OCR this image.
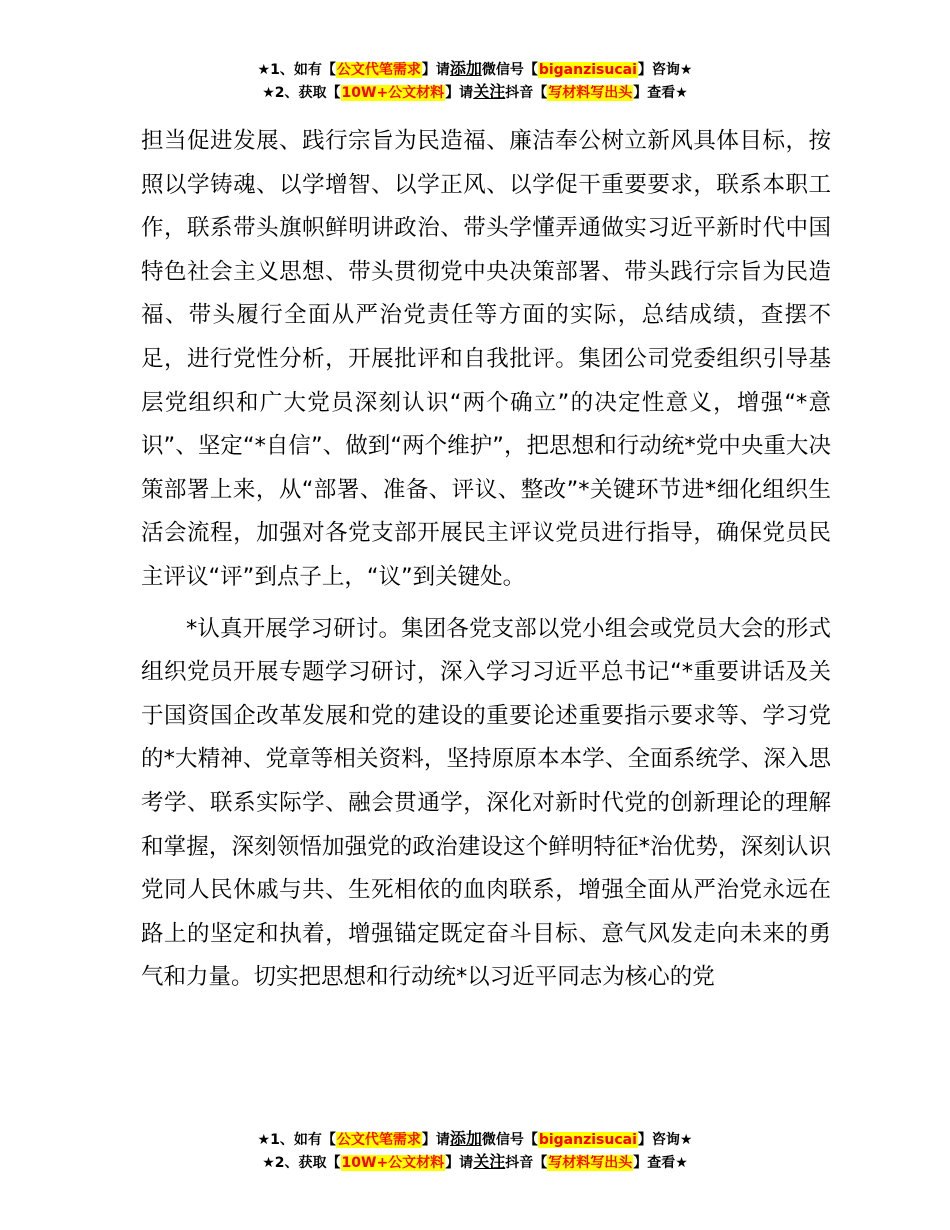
★1、如有【公文代笔需求】请添加微信号【biganzisucai】咨询★
★2、获取【10W+公文材料】请关注抖音【写材料写出头】查看★

担当促进发展、践行宗旨为民造福、廉洁奉公树立新风具体目标，按照以学铸魂、以学增智、以学正风、以学促干重要要求，联系本职工作，联系带头旗帜鲜明讲政治、带头学懂弄通做实习近平新时代中国特色社会主义思想、带头贯彻党中央决策部署、带头践行宗旨为民造福、带头履行全面从严治党责任等方面的实际，总结成绩，查摆不足，进行党性分析，开展批评和自我批评。集团公司党委组织引导基层党组织和广大党员深刻认识“两个确立”的决定性意义，增强“*意识”、坚定“*自信”、做到“两个维护”，把思想和行动统*党中央重大决策部署上来，从“部署、准备、评议、整改”*关键环节进*细化组织生活会流程，加强对各党支部开展民主评议党员进行指导，确保党员民主评议“评”到点子上，“议”到关键处。

*认真开展学习研讨。集团各党支部以党小组会或党员大会的形式组织党员开展专题学习研讨，深入学习习近平总书记“*重要讲话及关于国资国企改革发展和党的建设的重要论述重要指示要求等、学习党的*大精神、党章等相关资料，坚持原原本本学、全面系统学、深入思考学、联系实际学、融会贯通学，深化对新时代党的创新理论的理解和掌握，深刻领悟加强党的政治建设这个鲜明特征*治优势，深刻认识党同人民休戚与共、生死相依的血肉联系，增强全面从严治党永远在路上的坚定和执着，增强锚定既定奋斗目标、意气风发走向未来的勇气和力量。切实把思想和行动统*以习近平同志为核心的党

★1、如有【公文代笔需求】请添加微信号【biganzisucai】咨询★
★2、获取【10W+公文材料】请关注抖音【写材料写出头】查看★
